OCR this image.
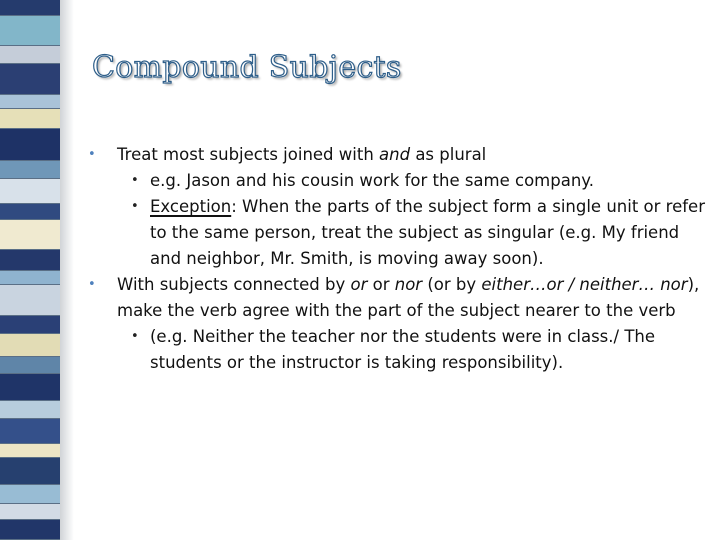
Compound Subjects
• Treat most subjects joined with and as plural
• e.g. Jason and his cousin work for the same company.
• Exception: When the parts of the subject form a single unit or refer to the same person, treat the subject as singular (e.g. My friend and neighbor, Mr. Smith, is moving away soon).
• With subjects connected by or or nor (or by either…or / neither… nor), make the verb agree with the part of the subject nearer to the verb
• (e.g. Neither the teacher nor the students were in class./ The students or the instructor is taking responsibility).
